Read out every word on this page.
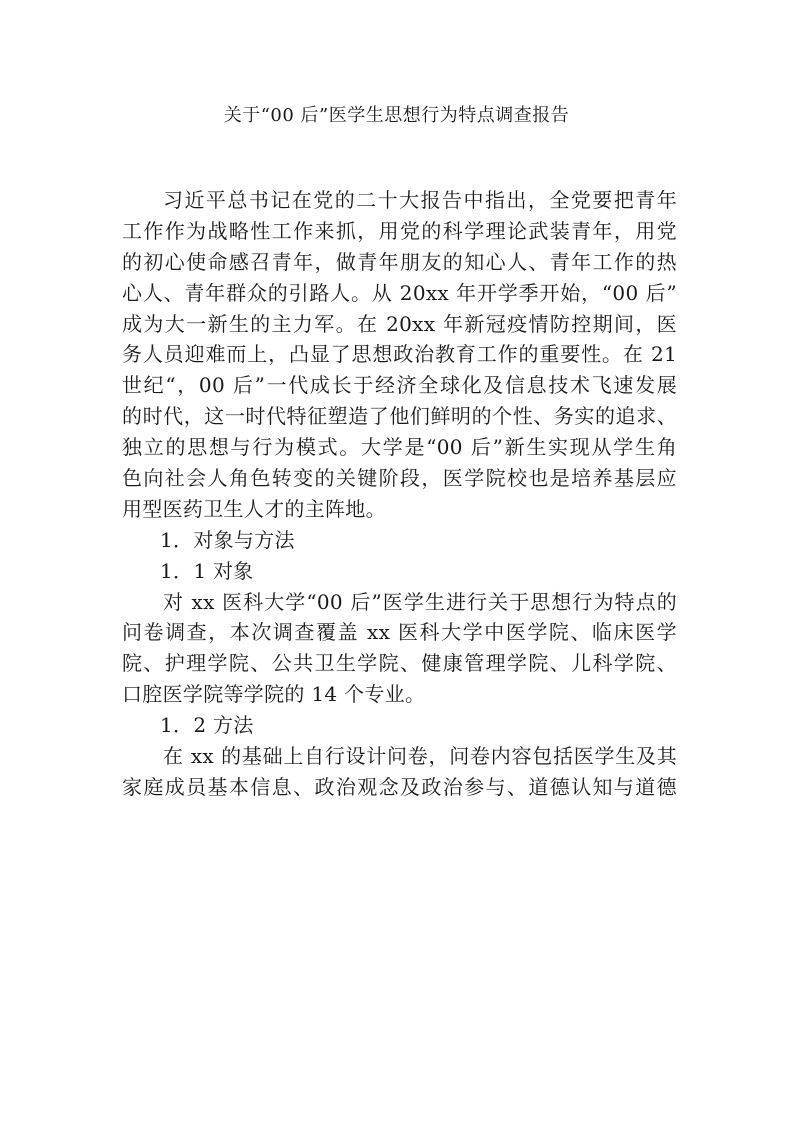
关于“00 后”医学生思想行为特点调查报告
习近平总书记在党的二十大报告中指出，全党要把青年
工作作为战略性工作来抓，用党的科学理论武装青年，用党
的初心使命感召青年，做青年朋友的知心人、青年工作的热
心人、青年群众的引路人。从 20xx 年开学季开始，“00 后”
成为大一新生的主力军。在 20xx 年新冠疫情防控期间，医
务人员迎难而上，凸显了思想政治教育工作的重要性。在 21
世纪“，00 后”一代成长于经济全球化及信息技术飞速发展
的时代，这一时代特征塑造了他们鲜明的个性、务实的追求、
独立的思想与行为模式。大学是“00 后”新生实现从学生角
色向社会人角色转变的关键阶段，医学院校也是培养基层应
用型医药卫生人才的主阵地。
1．对象与方法
1．1 对象
对 xx 医科大学“00 后”医学生进行关于思想行为特点的
问卷调查，本次调查覆盖 xx 医科大学中医学院、临床医学
院、护理学院、公共卫生学院、健康管理学院、儿科学院、
口腔医学院等学院的 14 个专业。
1．2 方法
在 xx 的基础上自行设计问卷，问卷内容包括医学生及其
家庭成员基本信息、政治观念及政治参与、道德认知与道德
